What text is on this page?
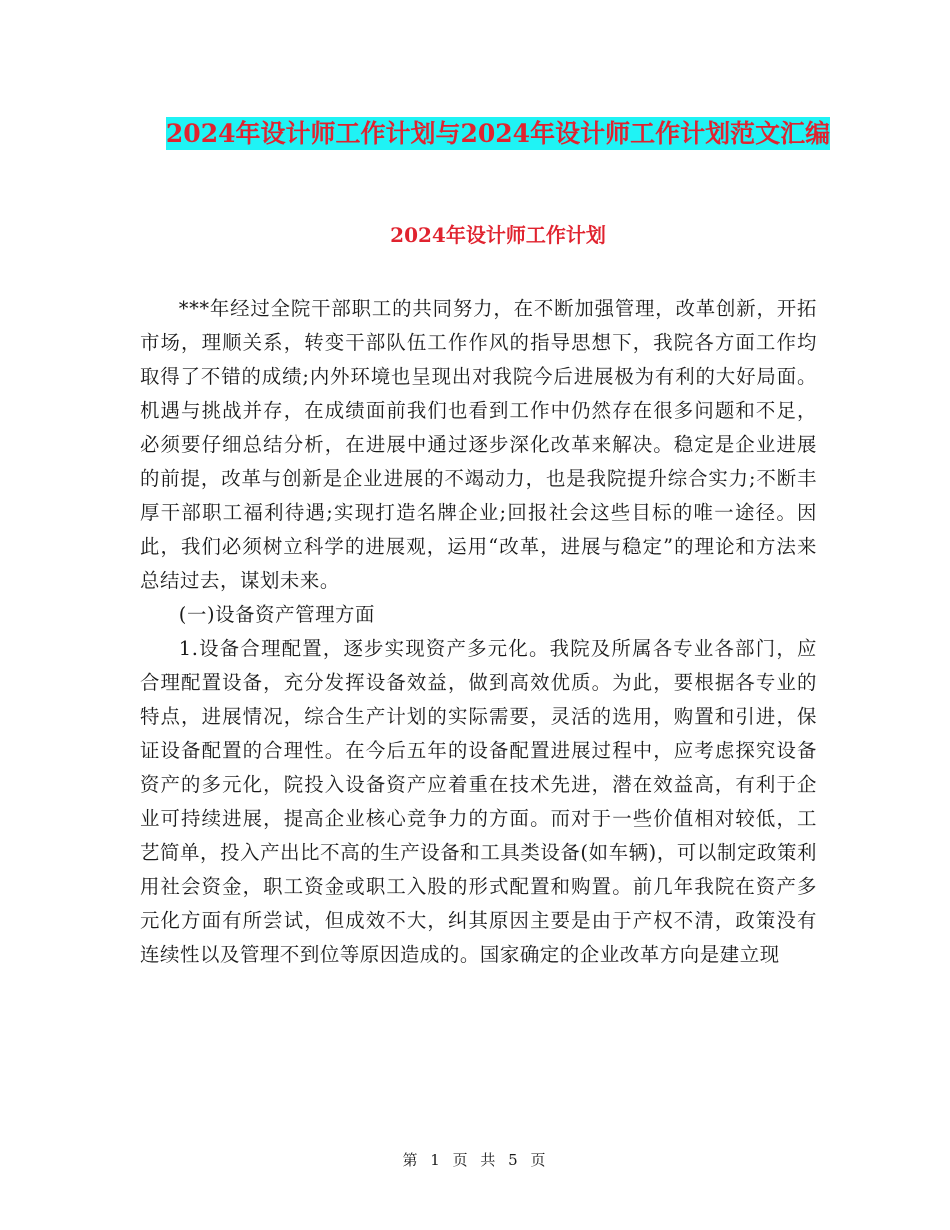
2024年设计师工作计划与2024年设计师工作计划范文汇编
2024年设计师工作计划

***年经过全院干部职工的共同努力，在不断加强管理，改革创新，开拓市场，理顺关系，转变干部队伍工作作风的指导思想下，我院各方面工作均取得了不错的成绩;内外环境也呈现出对我院今后进展极为有利的大好局面。机遇与挑战并存，在成绩面前我们也看到工作中仍然存在很多问题和不足，必须要仔细总结分析，在进展中通过逐步深化改革来解决。稳定是企业进展的前提，改革与创新是企业进展的不竭动力，也是我院提升综合实力;不断丰厚干部职工福利待遇;实现打造名牌企业;回报社会这些目标的唯一途径。因此，我们必须树立科学的进展观，运用“改革，进展与稳定”的理论和方法来总结过去，谋划未来。

(一)设备资产管理方面

1.设备合理配置，逐步实现资产多元化。我院及所属各专业各部门，应合理配置设备，充分发挥设备效益，做到高效优质。为此，要根据各专业的特点，进展情况，综合生产计划的实际需要，灵活的选用，购置和引进，保证设备配置的合理性。在今后五年的设备配置进展过程中，应考虑探究设备资产的多元化，院投入设备资产应着重在技术先进，潜在效益高，有利于企业可持续进展，提高企业核心竞争力的方面。而对于一些价值相对较低，工艺简单，投入产出比不高的生产设备和工具类设备(如车辆)，可以制定政策利用社会资金，职工资金或职工入股的形式配置和购置。前几年我院在资产多元化方面有所尝试，但成效不大，纠其原因主要是由于产权不清，政策没有连续性以及管理不到位等原因造成的。国家确定的企业改革方向是建立现

第 1 页 共 5 页
